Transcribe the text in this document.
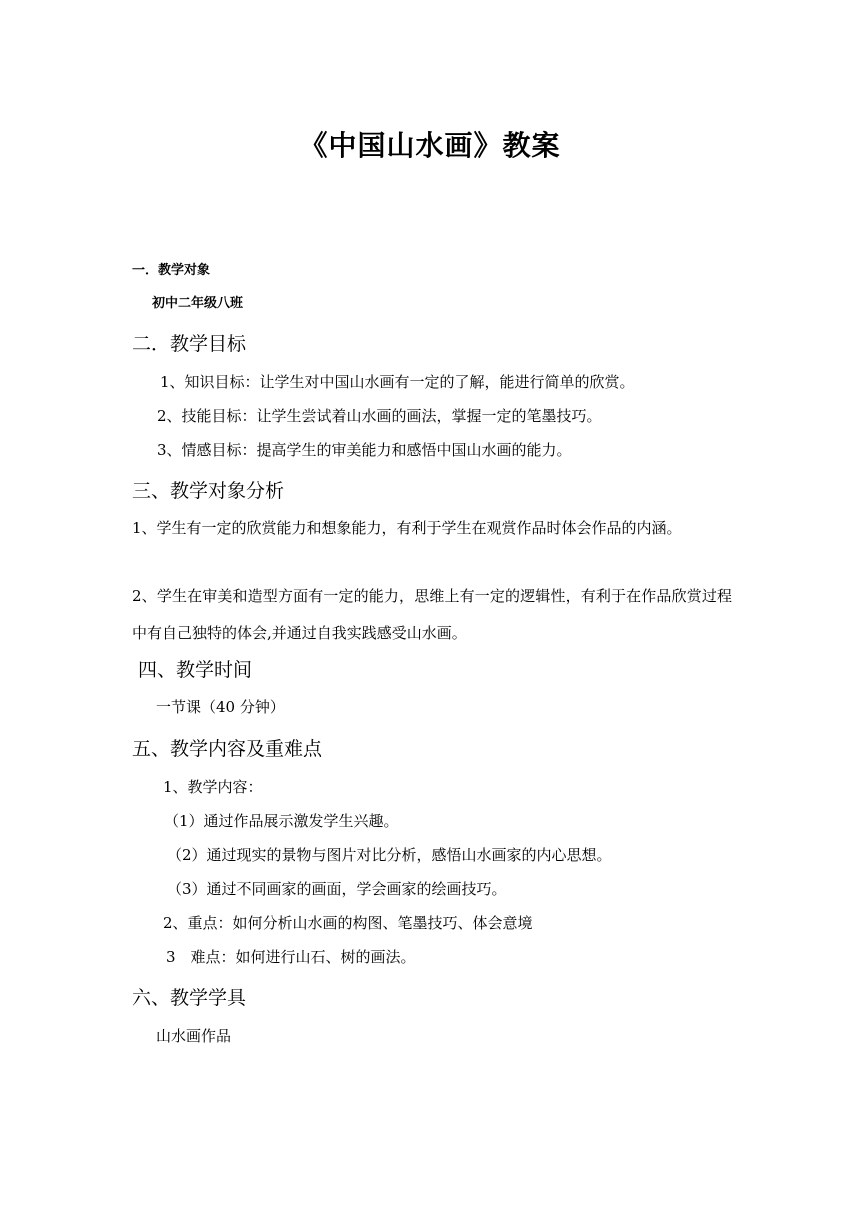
《中国山水画》教案
一．教学对象
初中二年级八班
二．教学目标
1、知识目标：让学生对中国山水画有一定的了解，能进行简单的欣赏。
2、技能目标：让学生尝试着山水画的画法，掌握一定的笔墨技巧。
3、情感目标：提高学生的审美能力和感悟中国山水画的能力。
三、教学对象分析
1、学生有一定的欣赏能力和想象能力，有利于学生在观赏作品时体会作品的内涵。
2、学生在审美和造型方面有一定的能力，思维上有一定的逻辑性，有利于在作品欣赏过程中有自己独特的体会,并通过自我实践感受山水画。
四、教学时间
一节课（40 分钟）
五、教学内容及重难点
1、教学内容：
（1）通过作品展示激发学生兴趣。
（2）通过现实的景物与图片对比分析，感悟山水画家的内心思想。
（3）通过不同画家的画面，学会画家的绘画技巧。
2、重点：如何分析山水画的构图、笔墨技巧、体会意境
3　难点：如何进行山石、树的画法。
六、教学学具
山水画作品
